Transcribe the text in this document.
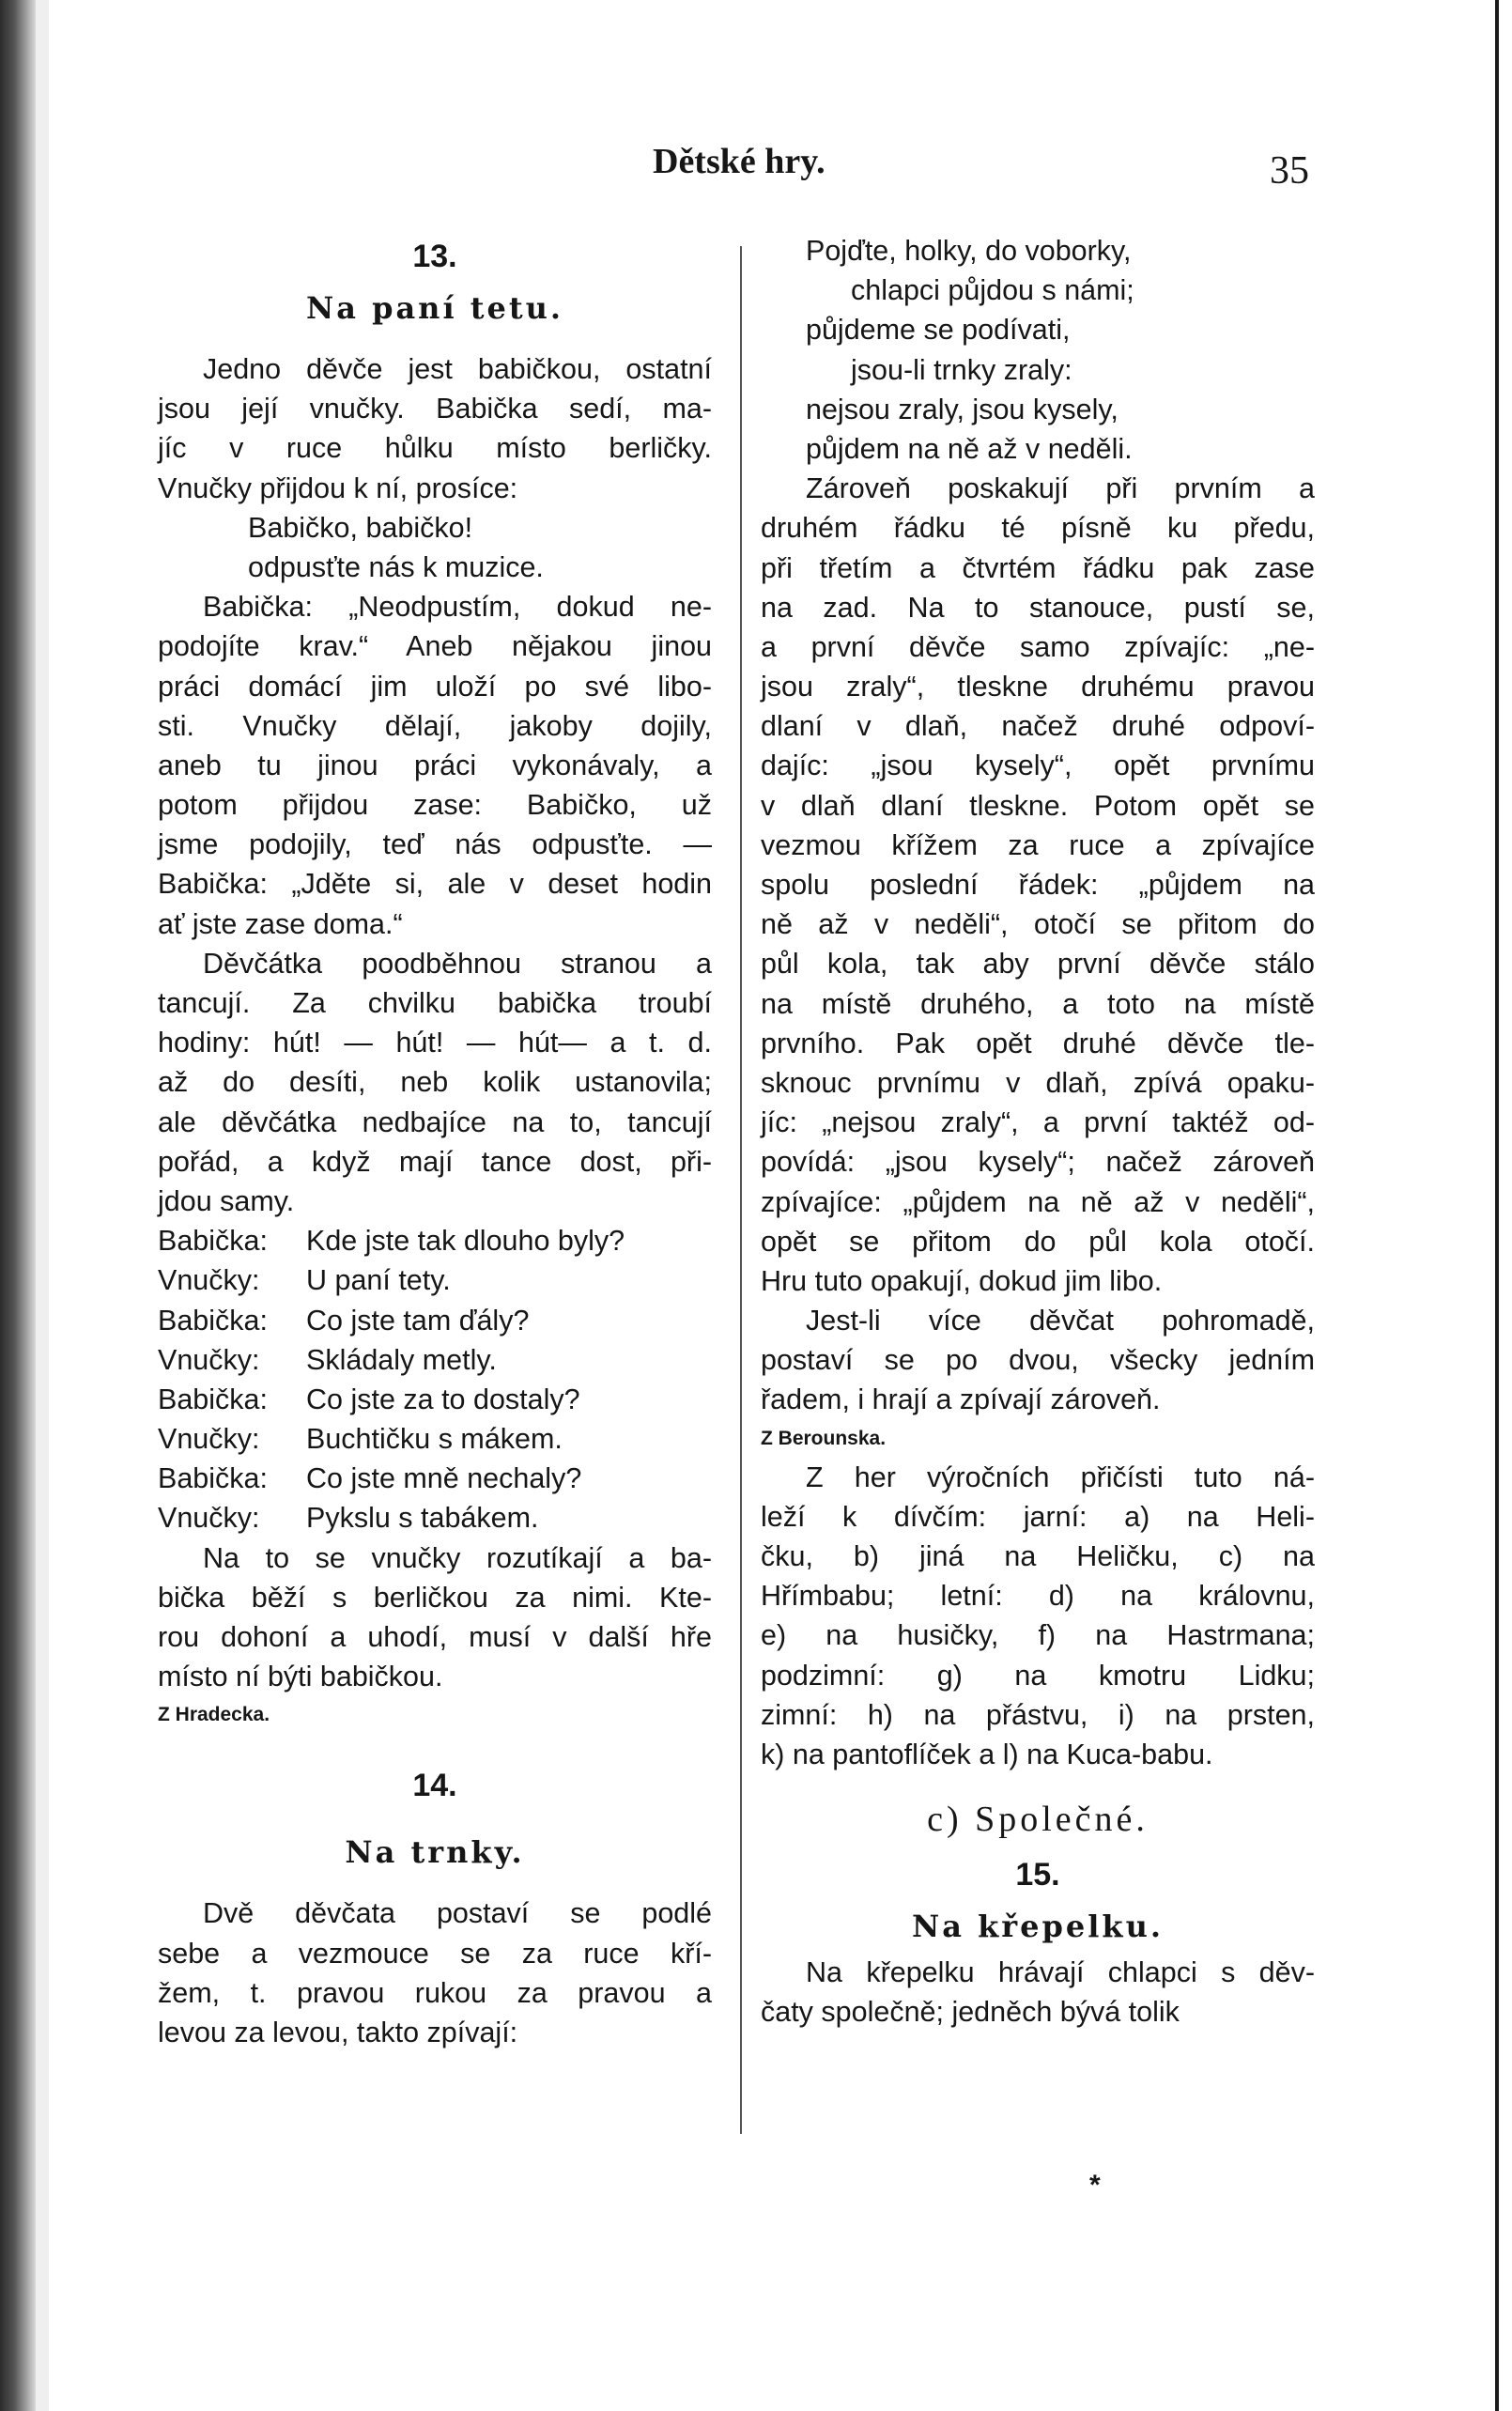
Dětské hry.	35
13.
Na paní tetu.
Jedno děvče jest babičkou, ostatní
jsou její vnučky. Babička sedí, ma-
jíc v ruce hůlku místo berličky.
Vnučky přijdou k ní, prosíce:
Babičko, babičko!
odpusťte nás k muzice.
Babička: „Neodpustím, dokud ne-
podojíte krav.“ Aneb nějakou jinou
práci domácí jim uloží po své libo-
sti. Vnučky dělají, jakoby dojily,
aneb tu jinou práci vykonávaly, a
potom přijdou zase: Babičko, už
jsme podojily, teď nás odpusťte. —
Babička: „Jděte si, ale v deset hodin
ať jste zase doma.“
Děvčátka poodběhnou stranou a
tancují. Za chvilku babička troubí
hodiny: hút! — hút! — hút— a t. d.
až do desíti, neb kolik ustanovila;
ale děvčátka nedbajíce na to, tancují
pořád, a když mají tance dost, při-
jdou samy.
Babička:	Kde jste tak dlouho byly?
Vnučky:	U paní tety.
Babička:	Co jste tam ďály?
Vnučky:	Skládaly metly.
Babička:	Co jste za to dostaly?
Vnučky:	Buchtičku s mákem.
Babička:	Co jste mně nechaly?
Vnučky:	Pykslu s tabákem.
Na to se vnučky rozutíkají a ba-
bička běží s berličkou za nimi. Kte-
rou dohoní a uhodí, musí v další hře
místo ní býti babičkou.
Z Hradecka.
14.
Na trnky.
Dvě děvčata postaví se podlé
sebe a vezmouce se za ruce kří-
žem, t. pravou rukou za pravou a
levou za levou, takto zpívají:
Pojďte, holky, do voborky,
chlapci půjdou s námi;
půjdeme se podívati,
jsou-li trnky zraly:
nejsou zraly, jsou kysely,
půjdem na ně až v neděli.
Zároveň poskakují při prvním a
druhém řádku té písně ku předu,
při třetím a čtvrtém řádku pak zase
na zad. Na to stanouce, pustí se,
a první děvče samo zpívajíc: „ne-
jsou zraly“, tleskne druhému pravou
dlaní v dlaň, načež druhé odpoví-
dajíc: „jsou kysely“, opět prvnímu
v dlaň dlaní tleskne. Potom opět se
vezmou křížem za ruce a zpívajíce
spolu poslední řádek: „půjdem na
ně až v neděli“, otočí se přitom do
půl kola, tak aby první děvče stálo
na místě druhého, a toto na místě
prvního. Pak opět druhé děvče tle-
sknouc prvnímu v dlaň, zpívá opaku-
jíc: „nejsou zraly“, a první taktéž od-
povídá: „jsou kysely“; načež zároveň
zpívajíce: „půjdem na ně až v neděli“,
opět se přitom do půl kola otočí.
Hru tuto opakují, dokud jim libo.
Jest-li více děvčat pohromadě,
postaví se po dvou, všecky jedním
řadem, i hrají a zpívají zároveň.
Z Berounska.
Z her výročních přičísti tuto ná-
leží k dívčím: jarní: a) na Heli-
čku, b) jiná na Heličku, c) na
Hřímbabu; letní: d) na královnu,
e) na husičky, f) na Hastrmana;
podzimní: g) na kmotru Lidku;
zimní: h) na přástvu, i) na prsten,
k) na pantoflíček a l) na Kuca-babu.
c) Společné.
15.
Na křepelku.
Na křepelku hrávají chlapci s děv-
čaty společně; jedněch bývá tolik
*
